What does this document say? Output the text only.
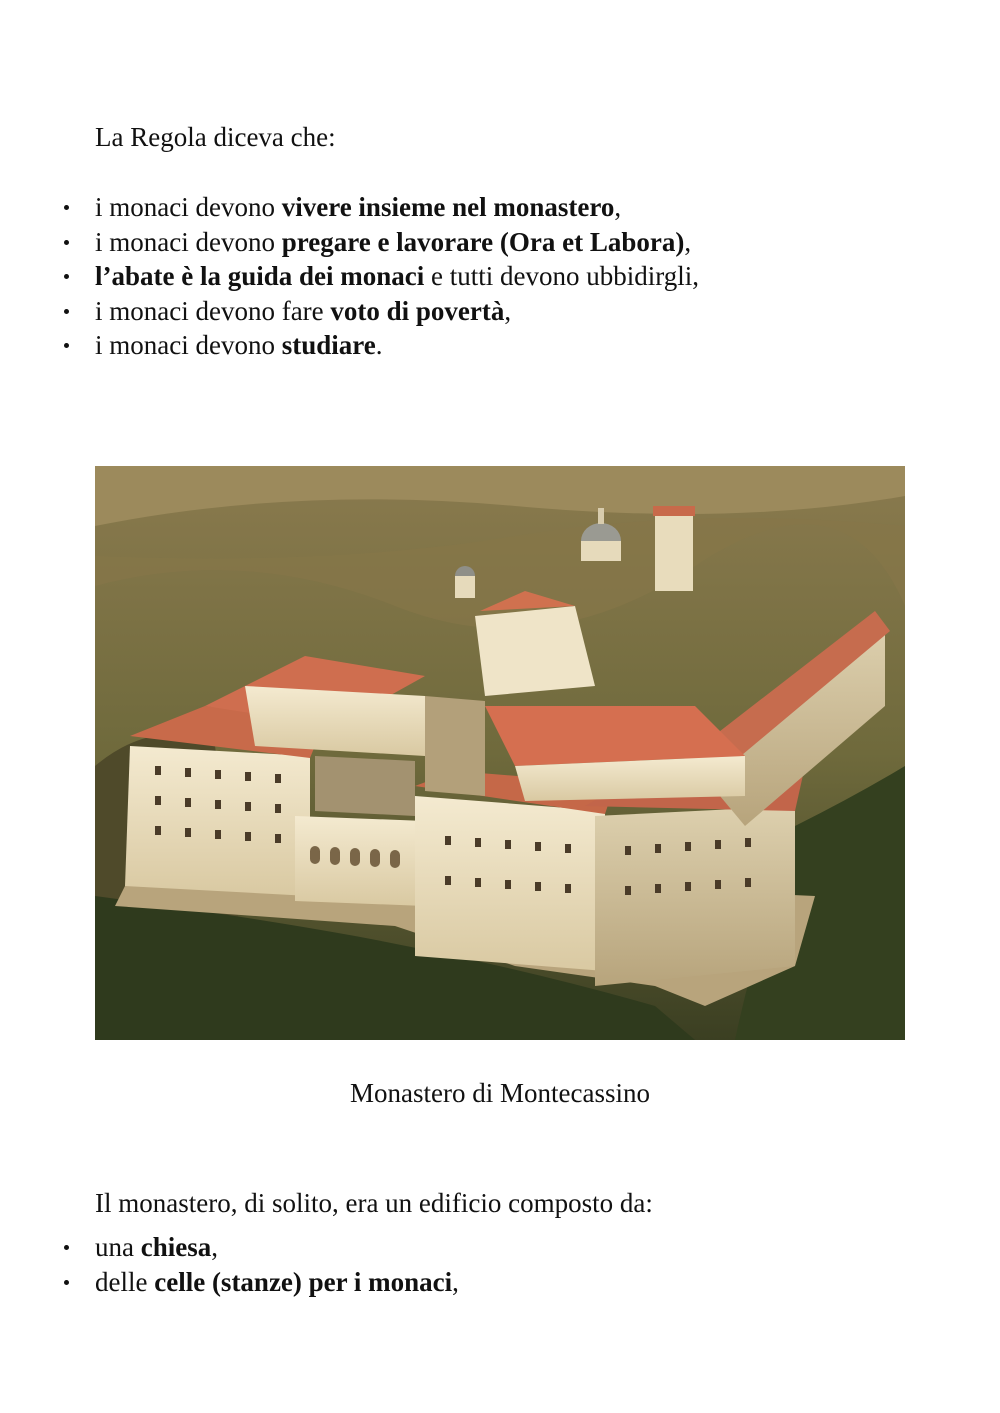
La Regola diceva che:

i monaci devono vivere insieme nel monastero,
i monaci devono pregare e lavorare (Ora et Labora),
l’abate è la guida dei monaci e tutti devono ubbidirgli,
i monaci devono fare voto di povertà,
i monaci devono studiare.
Monastero di Montecassino

Il monastero, di solito, era un edificio composto da:

una chiesa,
delle celle (stanze) per i monaci,
